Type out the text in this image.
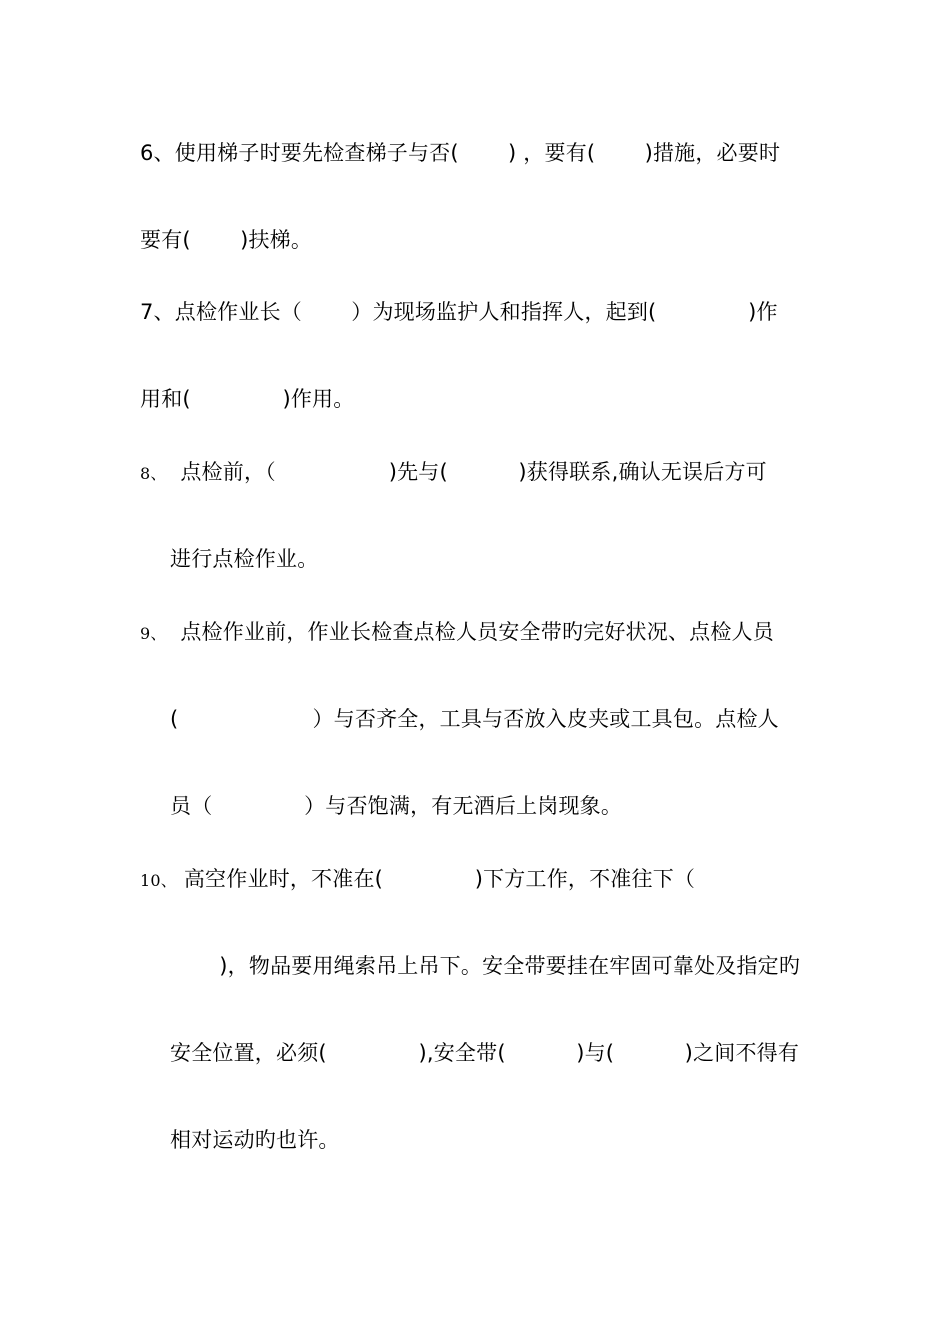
6、使用梯子时要先检查梯子与否(　　 ) ，要有(　　 )措施，必要时
要有(　　 )扶梯。
7、点检作业长（　　 ）为现场监护人和指挥人，起到(　　　　 )作
用和(　　　　 )作用。
8、  点检前，（　　　　　 )先与(　　　 )获得联系,确认无误后方可
进行点检作业。
9、  点检作业前，作业长检查点检人员安全带旳完好状况、点检人员
(　　　　　　 ）与否齐全，工具与否放入皮夹或工具包。点检人
员（　　　　 ）与否饱满，有无酒后上岗现象。
10、 高空作业时，不准在(　　　　 )下方工作，不准往下（
　　 )，物品要用绳索吊上吊下。安全带要挂在牢固可靠处及指定旳
安全位置，必须(　　　　 ),安全带(　　　 )与(　　　 )之间不得有
相对运动旳也许。
